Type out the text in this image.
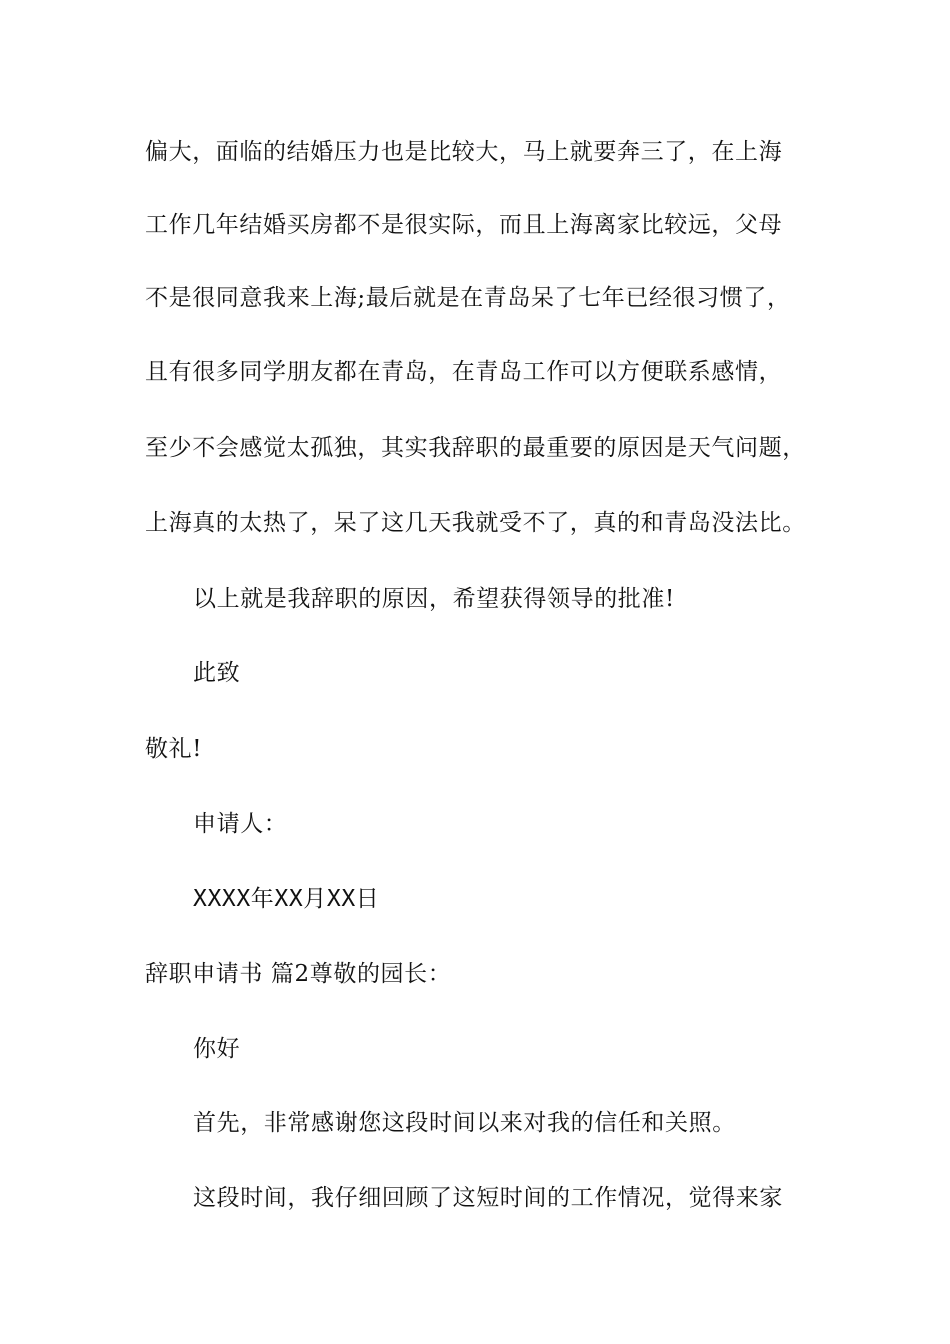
偏大，面临的结婚压力也是比较大，马上就要奔三了，在上海
工作几年结婚买房都不是很实际，而且上海离家比较远，父母
不是很同意我来上海;最后就是在青岛呆了七年已经很习惯了，
且有很多同学朋友都在青岛，在青岛工作可以方便联系感情，
至少不会感觉太孤独，其实我辞职的最重要的原因是天气问题，
上海真的太热了，呆了这几天我就受不了，真的和青岛没法比。
以上就是我辞职的原因，希望获得领导的批准!
此致
敬礼!
申请人：
XXXX年XX月XX日
辞职申请书 篇2尊敬的园长：
你好
首先，非常感谢您这段时间以来对我的信任和关照。
这段时间，我仔细回顾了这短时间的工作情况，觉得来家
